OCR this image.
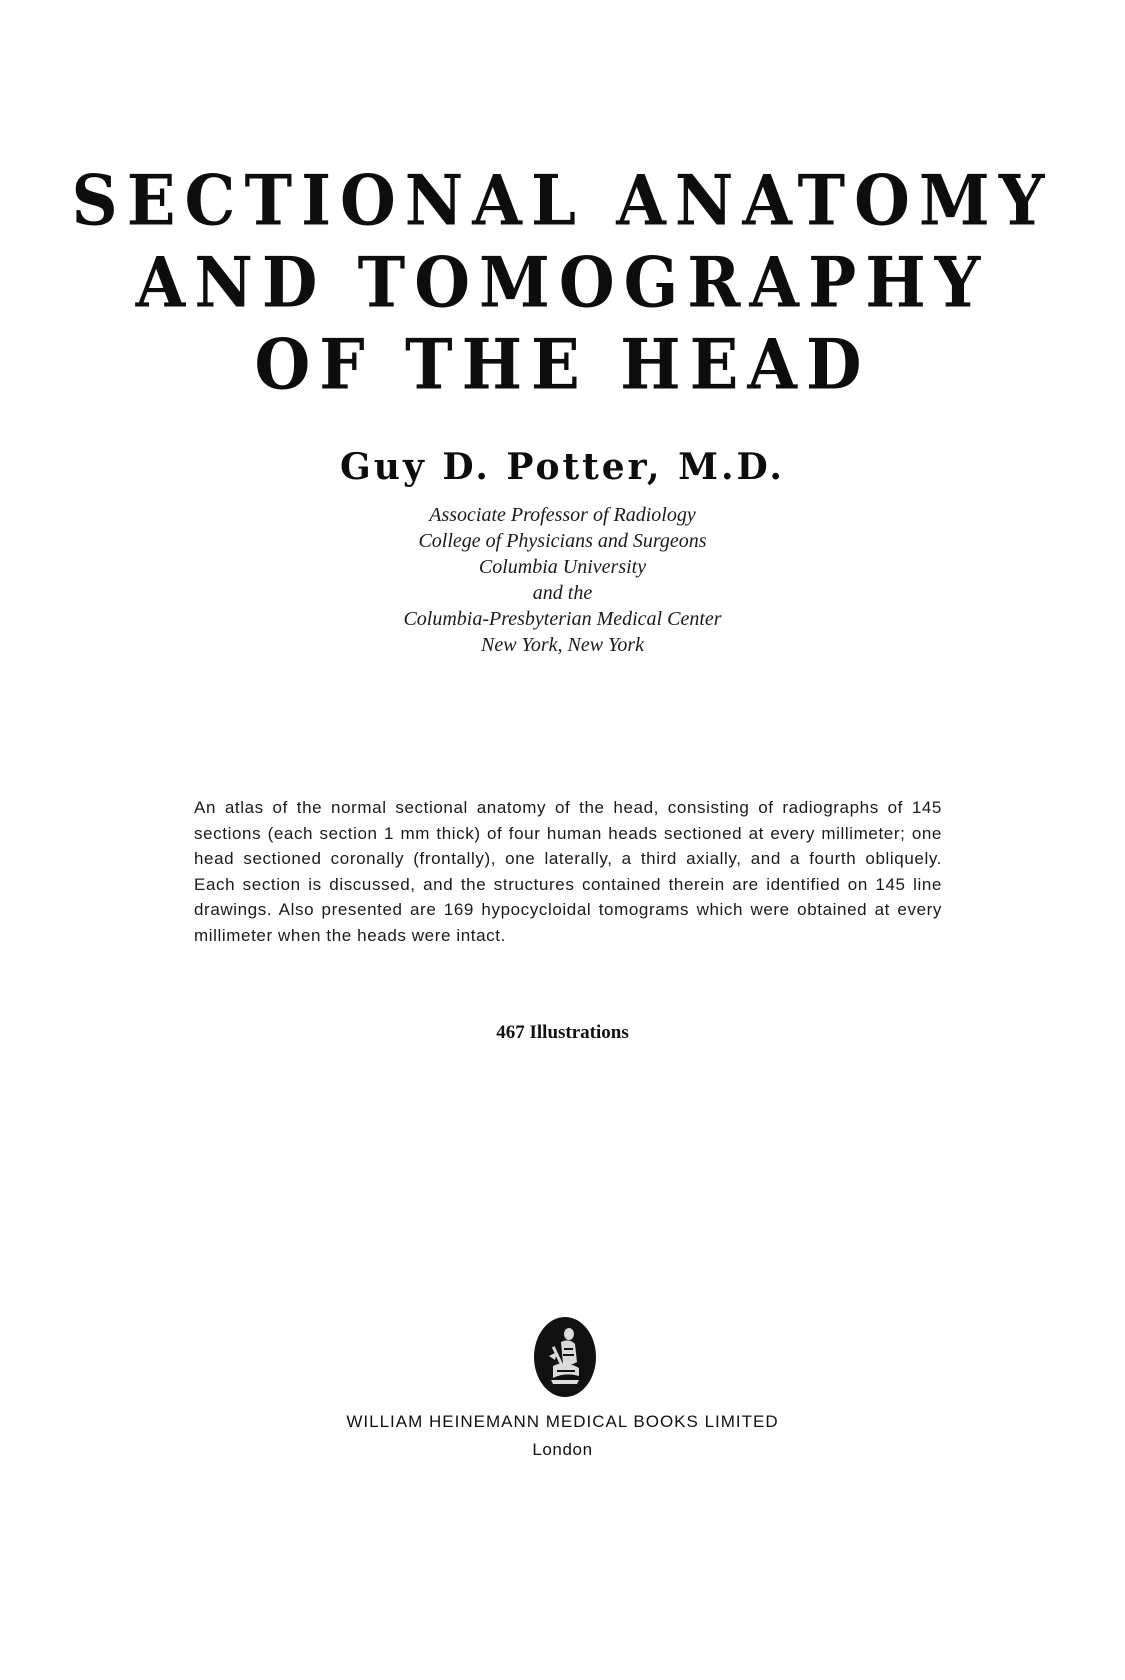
SECTIONAL ANATOMY
AND TOMOGRAPHY
OF THE HEAD
Guy D. Potter, M.D.
Associate Professor of Radiology
College of Physicians and Surgeons
Columbia University
and the
Columbia-Presbyterian Medical Center
New York, New York
An atlas of the normal sectional anatomy of the head, consisting of radiographs of 145 sections (each section 1 mm thick) of four human heads sectioned at every millimeter; one head sectioned coronally (frontally), one laterally, a third axially, and a fourth obliquely. Each section is discussed, and the structures contained therein are identified on 145 line drawings. Also presented are 169 hypocycloidal tomograms which were obtained at every millimeter when the heads were intact.
467 Illustrations
WILLIAM HEINEMANN MEDICAL BOOKS LIMITED
London
